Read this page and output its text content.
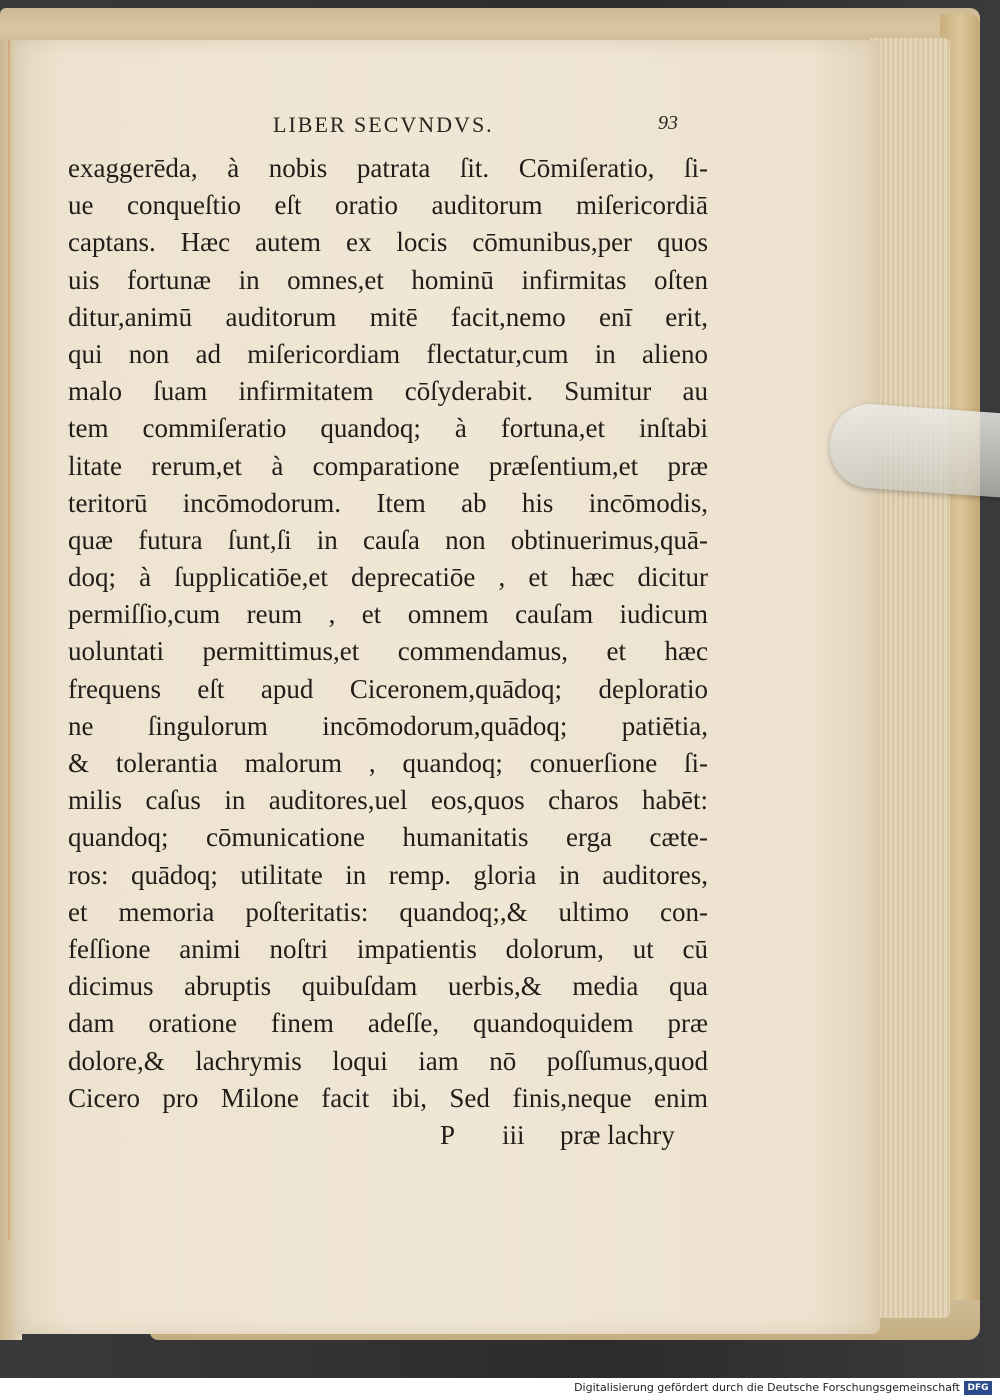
LIBER SECVNDVS.	93
exaggerēda, à nobis patrata ſit. Cōmiſeratio, ſi-
ue conqueſtio eſt oratio auditorum miſericordiā
captans. Hæc autem ex locis cōmunibus,per quos
uis fortunæ in omnes,et hominū infirmitas oſten
ditur,animū auditorum mitē facit,nemo enī erit,
qui non ad miſericordiam flectatur,cum in alieno
malo ſuam infirmitatem cōſyderabit. Sumitur au
tem commiſeratio quandoq; à fortuna,et inſtabi
litate rerum,et à comparatione præſentium,et præ
teritorū incōmodorum. Item ab his incōmodis,
quæ futura ſunt,ſi in cauſa non obtinuerimus,quā-
doq; à ſupplicatiōe,et deprecatiōe , et hæc dicitur
permiſſio,cum reum , et omnem cauſam iudicum
uoluntati permittimus,et commendamus, et hæc
frequens eſt apud Ciceronem,quādoq; deploratio
ne ſingulorum incōmodorum,quādoq; patiētia,
& tolerantia malorum , quandoq; conuerſione ſi-
milis caſus in auditores,uel eos,quos charos habēt:
quandoq; cōmunicatione humanitatis erga cæte-
ros: quādoq; utilitate in remp. gloria in auditores,
et memoria poſteritatis: quandoq;,& ultimo con-
feſſione animi noſtri impatientis dolorum, ut cū
dicimus abruptis quibuſdam uerbis,& media qua
dam oratione finem adeſſe, quandoquidem præ
dolore,& lachrymis loqui iam nō poſſumus,quod
Cicero pro Milone facit ibi, Sed finis,neque enim
P iii præ lachry
Digitalisierung gefördert durch die Deutsche Forschungsgemeinschaft DFG
